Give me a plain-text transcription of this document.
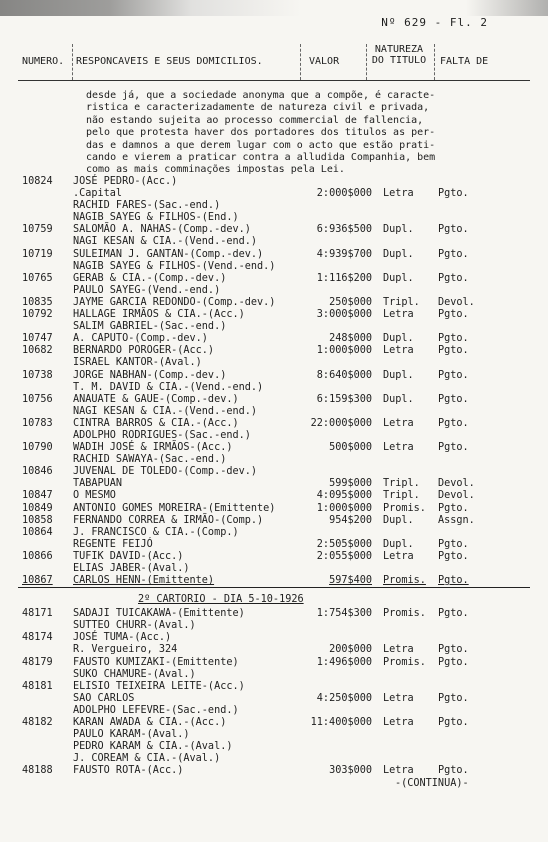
Nº 629 - Fl. 2
NUMERO. RESPONCAVEIS E SEUS DOMICILIOS.	VALOR
NATUREZA DO TITULO	FALTA DE
desde já, que a sociedade anonyma que a compõe, é caracte-
ristica e caracterizadamente de natureza civil e privada,
não estando sujeita ao processo commercial de fallencia,
pelo que protesta haver dos portadores dos titulos as per-
das e damnos a que derem lugar com o acto que estão prati-
cando e vierem a praticar contra a alludida Companhia, bem
como as mais comminações impostas pela Lei.
10824 JOSÉ PEDRO-(Acc.)
.Capital	2:000$000 Letra Pgto.
RACHID FARES-(Sac.-end.)
NAGIB SAYEG & FILHOS-(End.)
10759 SALOMÃO A. NAHAS-(Comp.-dev.)	6:936$500 Dupl. Pgto.
NAGI KESAN & CIA.-(Vend.-end.)
10719 SULEIMAN J. GANTAN-(Comp.-dev.)	4:939$700 Dupl. Pgto.
NAGIB SAYEG & FILHOS-(Vend.-end.)
10765 GERAB & CIA.-(Comp.-dev.)	1:116$200 Dupl. Pgto.
PAULO SAYEG-(Vend.-end.)
10835 JAYME GARCIA REDONDO-(Comp.-dev.)	250$000 Tripl. Devol.
10792 HALLAGE IRMÃOS & CIA.-(Acc.)	3:000$000 Letra Pgto.
SALIM GABRIEL-(Sac.-end.)
10747 A. CAPUTO-(Comp.-dev.)	248$000 Dupl. Pgto.
10682 BERNARDO POROGER-(Acc.)	1:000$000 Letra Pgto.
ISRAEL KANTOR-(Aval.)
10738 JORGE NABHAN-(Comp.-dev.)	8:640$000 Dupl. Pgto.
T. M. DAVID & CIA.-(Vend.-end.)
10756 ANAUATE & GAUE-(Comp.-dev.)	6:159$300 Dupl. Pgto.
NAGI KESAN & CIA.-(Vend.-end.)
10783 CINTRA BARROS & CIA.-(Acc.)	22:000$000 Letra Pgto.
ADOLPHO RODRIGUES-(Sac.-end.)
10790 WADIH JOSÉ & IRMÃOS-(Acc.)	500$000 Letra Pgto.
RACHID SAWAYA-(Sac.-end.)
10846 JUVENAL DE TOLEDO-(Comp.-dev.)
TABAPUAN	599$000 Tripl. Devol.
10847 O MESMO	4:095$000 Tripl. Devol.
10849 ANTONIO GOMES MOREIRA-(Emittente)	1:000$000 Promis. Pgto.
10858 FERNANDO CORREA & IRMÃO-(Comp.)	954$200 Dupl. Assgn.
10864 J. FRANCISCO & CIA.-(Comp.)
REGENTE FEIJÓ	2:505$000 Dupl. Pgto.
10866 TUFIK DAVID-(Acc.)	2:055$000 Letra Pgto.
ELIAS JABER-(Aval.)
10867 CARLOS HENN-(Emittente)	597$400 Promis. Pgto.
2º CARTORIO - DIA 5-10-1926
48171 SADAJI TUICAKAWA-(Emittente)	1:754$300 Promis. Pgto.
SUTTEO CHURR-(Aval.)
48174 JOSÉ TUMA-(Acc.)
R. Vergueiro, 324	200$000 Letra Pgto.
48179 FAUSTO KUMIZAKI-(Emittente)	1:496$000 Promis. Pgto.
SUKO CHAMURE-(Aval.)
48181 ELISIO TEIXEIRA LEITE-(Acc.)
SAO CARLOS	4:250$000 Letra Pgto.
ADOLPHO LEFEVRE-(Sac.-end.)
48182 KARAN AWADA & CIA.-(Acc.)	11:400$000 Letra Pgto.
PAULO KARAM-(Aval.)
PEDRO KARAM & CIA.-(Aval.)
J. COREAM & CIA.-(Aval.)
48188 FAUSTO ROTA-(Acc.)	303$000 Letra Pgto.
-(CONTINUA)-
